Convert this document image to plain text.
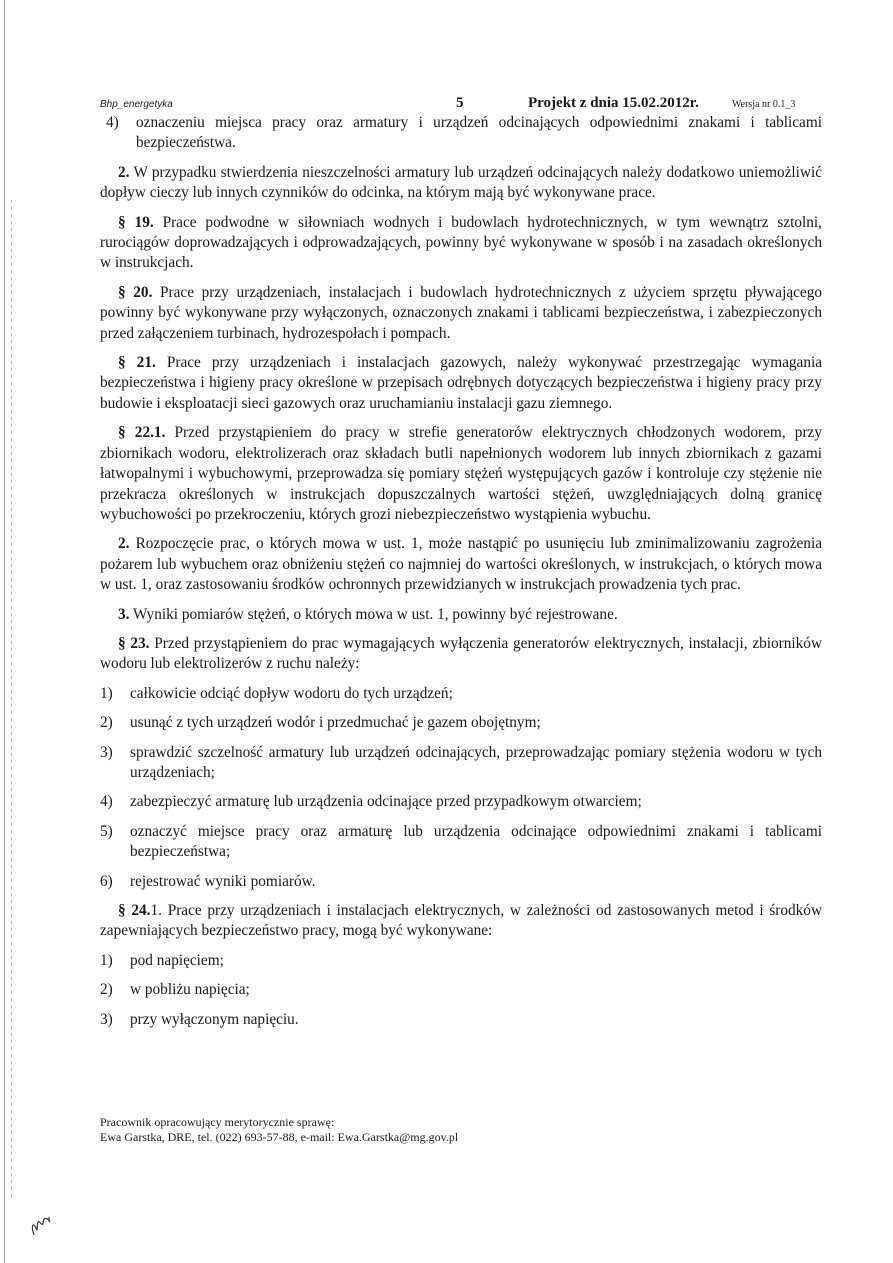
Bhp_energetyka	5	Projekt z dnia 15.02.2012r.	Wersja nr 0.1_3
4)	oznaczeniu miejsca pracy oraz armatury i urządzeń odcinających odpowiednimi znakami i tablicami bezpieczeństwa.

2. W przypadku stwierdzenia nieszczelności armatury lub urządzeń odcinających należy dodatkowo uniemożliwić dopływ cieczy lub innych czynników do odcinka, na którym mają być wykonywane prace.

§ 19. Prace podwodne w siłowniach wodnych i budowlach hydrotechnicznych, w tym wewnątrz sztolni, rurociągów doprowadzających i odprowadzających, powinny być wykonywane w sposób i na zasadach określonych w instrukcjach.

§ 20. Prace przy urządzeniach, instalacjach i budowlach hydrotechnicznych z użyciem sprzętu pływającego powinny być wykonywane przy wyłączonych, oznaczonych znakami i tablicami bezpieczeństwa, i zabezpieczonych przed załączeniem turbinach, hydrozespołach i pompach.

§ 21. Prace przy urządzeniach i instalacjach gazowych, należy wykonywać przestrzegając wymagania bezpieczeństwa i higieny pracy określone w przepisach odrębnych dotyczących bezpieczeństwa i higieny pracy przy budowie i eksploatacji sieci gazowych oraz uruchamianiu instalacji gazu ziemnego.

§ 22.1. Przed przystąpieniem do pracy w strefie generatorów elektrycznych chłodzonych wodorem, przy zbiornikach wodoru, elektrolizerach oraz składach butli napełnionych wodorem lub innych zbiornikach z gazami łatwopalnymi i wybuchowymi, przeprowadza się pomiary stężeń występujących gazów i kontroluje czy stężenie nie przekracza określonych w instrukcjach dopuszczalnych wartości stężeń, uwzględniających dolną granicę wybuchowości po przekroczeniu, których grozi niebezpieczeństwo wystąpienia wybuchu.

2. Rozpoczęcie prac, o których mowa w ust. 1, może nastąpić po usunięciu lub zminimalizowaniu zagrożenia pożarem lub wybuchem oraz obniżeniu stężeń co najmniej do wartości określonych, w instrukcjach, o których mowa w ust. 1, oraz zastosowaniu środków ochronnych przewidzianych w instrukcjach prowadzenia tych prac.

3. Wyniki pomiarów stężeń, o których mowa w ust. 1, powinny być rejestrowane.

§ 23. Przed przystąpieniem do prac wymagających wyłączenia generatorów elektrycznych, instalacji, zbiorników wodoru lub elektrolizerów z ruchu należy:

1)	całkowicie odciąć dopływ wodoru do tych urządzeń;
2)	usunąć z tych urządzeń wodór i przedmuchać je gazem obojętnym;
3)	sprawdzić szczelność armatury lub urządzeń odcinających, przeprowadzając pomiary stężenia wodoru w tych urządzeniach;
4)	zabezpieczyć armaturę lub urządzenia odcinające przed przypadkowym otwarciem;
5)	oznaczyć miejsce pracy oraz armaturę lub urządzenia odcinające odpowiednimi znakami i tablicami bezpieczeństwa;
6)	rejestrować wyniki pomiarów.

§ 24.1. Prace przy urządzeniach i instalacjach elektrycznych, w zależności od zastosowanych metod i środków zapewniających bezpieczeństwo pracy, mogą być wykonywane:

1)	pod napięciem;
2)	w pobliżu napięcia;
3)	przy wyłączonym napięciu.
Pracownik opracowujący merytorycznie sprawę:
Ewa Garstka, DRE, tel. (022) 693-57-88, e-mail: Ewa.Garstka@mg.gov.pl
